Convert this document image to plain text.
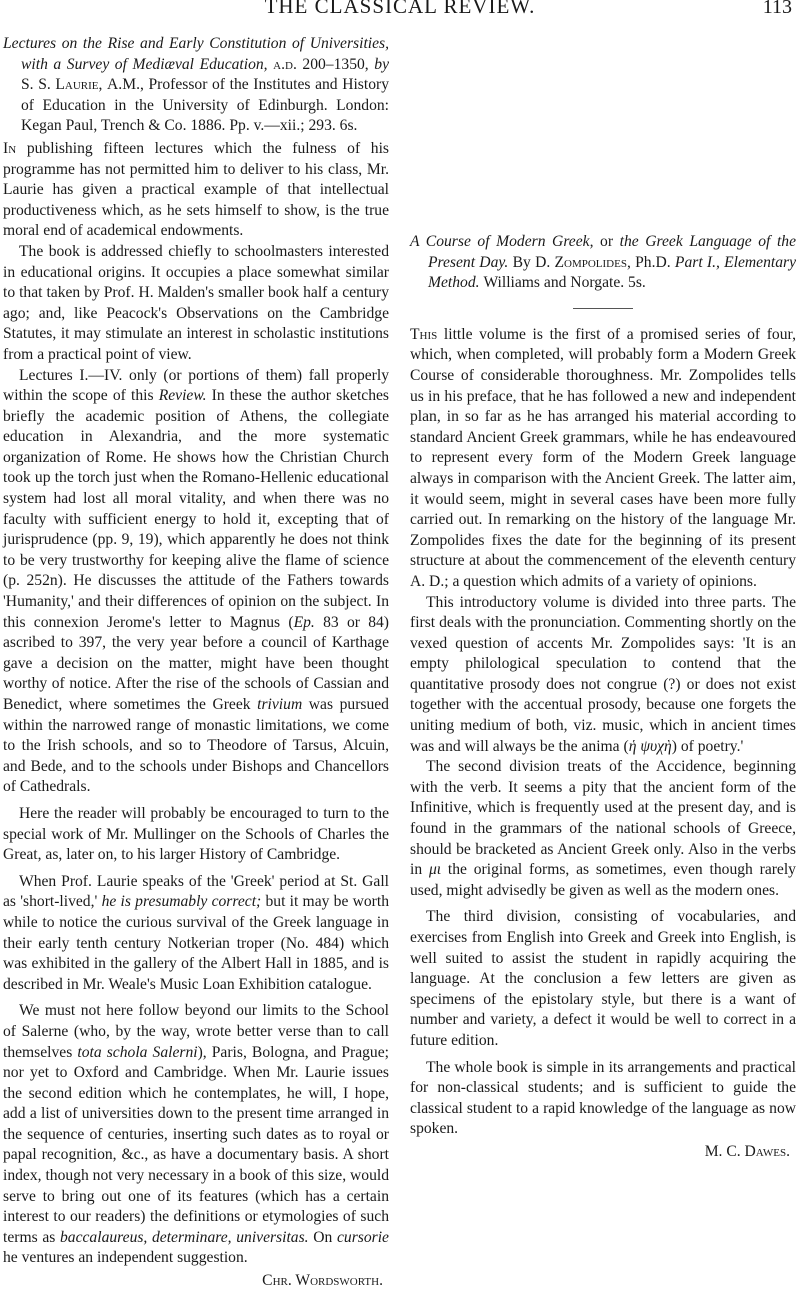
THE CLASSICAL REVIEW.	113
Lectures on the Rise and Early Constitution of Universities, with a Survey of Mediæval Education, a.d. 200–1350, by S. S. Laurie, A.M., Professor of the Institutes and History of Education in the University of Edinburgh. London: Kegan Paul, Trench & Co. 1886. Pp. v.—xii.; 293. 6s.

In publishing fifteen lectures which the fulness of his programme has not permitted him to deliver to his class, Mr. Laurie has given a practical example of that intellectual productiveness which, as he sets himself to show, is the true moral end of academical endowments.

The book is addressed chiefly to schoolmasters interested in educational origins. It occupies a place somewhat similar to that taken by Prof. H. Malden's smaller book half a century ago; and, like Peacock's Observations on the Cambridge Statutes, it may stimulate an interest in scholastic institutions from a practical point of view.

Lectures I.—IV. only (or portions of them) fall properly within the scope of this Review. In these the author sketches briefly the academic position of Athens, the collegiate education in Alexandria, and the more systematic organization of Rome. He shows how the Christian Church took up the torch just when the Romano-Hellenic educational system had lost all moral vitality, and when there was no faculty with sufficient energy to hold it, excepting that of jurisprudence (pp. 9, 19), which apparently he does not think to be very trustworthy for keeping alive the flame of science (p. 252n). He discusses the attitude of the Fathers towards 'Humanity,' and their differences of opinion on the subject. In this connexion Jerome's letter to Magnus (Ep. 83 or 84) ascribed to 397, the very year before a council of Karthage gave a decision on the matter, might have been thought worthy of notice. After the rise of the schools of Cassian and Benedict, where sometimes the Greek trivium was pursued within the narrowed range of monastic limitations, we come to the Irish schools, and so to Theodore of Tarsus, Alcuin, and Bede, and to the schools under Bishops and Chancellors of Cathedrals.

Here the reader will probably be encouraged to turn to the special work of Mr. Mullinger on the Schools of Charles the Great, as, later on, to his larger History of Cambridge.

When Prof. Laurie speaks of the 'Greek' period at St. Gall as 'short-lived,' he is presumably correct; but it may be worth while to notice the curious survival of the Greek language in their early tenth century Notkerian troper (No. 484) which was exhibited in the gallery of the Albert Hall in 1885, and is described in Mr. Weale's Music Loan Exhibition catalogue.

We must not here follow beyond our limits to the School of Salerne (who, by the way, wrote better verse than to call themselves tota schola Salerni), Paris, Bologna, and Prague; nor yet to Oxford and Cambridge. When Mr. Laurie issues the second edition which he contemplates, he will, I hope, add a list of universities down to the present time arranged in the sequence of centuries, inserting such dates as to royal or papal recognition, &c., as have a documentary basis. A short index, though not very necessary in a book of this size, would serve to bring out one of its features (which has a certain interest to our readers) the definitions or etymologies of such terms as baccalaureus, determinare, universitas. On cursorie he ventures an independent suggestion.

Chr. Wordsworth.
A Course of Modern Greek, or the Greek Language of the Present Day. By D. Zompolides, Ph.D. Part I., Elementary Method. Williams and Norgate. 5s.

This little volume is the first of a promised series of four, which, when completed, will probably form a Modern Greek Course of considerable thoroughness. Mr. Zompolides tells us in his preface, that he has followed a new and independent plan, in so far as he has arranged his material according to standard Ancient Greek grammars, while he has endeavoured to represent every form of the Modern Greek language always in comparison with the Ancient Greek. The latter aim, it would seem, might in several cases have been more fully carried out. In remarking on the history of the language Mr. Zompolides fixes the date for the beginning of its present structure at about the commencement of the eleventh century A. D.; a question which admits of a variety of opinions.

This introductory volume is divided into three parts. The first deals with the pronunciation. Commenting shortly on the vexed question of accents Mr. Zompolides says: 'It is an empty philological speculation to contend that the quantitative prosody does not congrue (?) or does not exist together with the accentual prosody, because one forgets the uniting medium of both, viz. music, which in ancient times was and will always be the anima (ἡ ψυχὴ) of poetry.'

The second division treats of the Accidence, beginning with the verb. It seems a pity that the ancient form of the Infinitive, which is frequently used at the present day, and is found in the grammars of the national schools of Greece, should be bracketed as Ancient Greek only. Also in the verbs in μι the original forms, as sometimes, even though rarely used, might advisedly be given as well as the modern ones.

The third division, consisting of vocabularies, and exercises from English into Greek and Greek into English, is well suited to assist the student in rapidly acquiring the language. At the conclusion a few letters are given as specimens of the epistolary style, but there is a want of number and variety, a defect it would be well to correct in a future edition.

The whole book is simple in its arrangements and practical for non-classical students; and is sufficient to guide the classical student to a rapid knowledge of the language as now spoken.

M. C. Dawes.
